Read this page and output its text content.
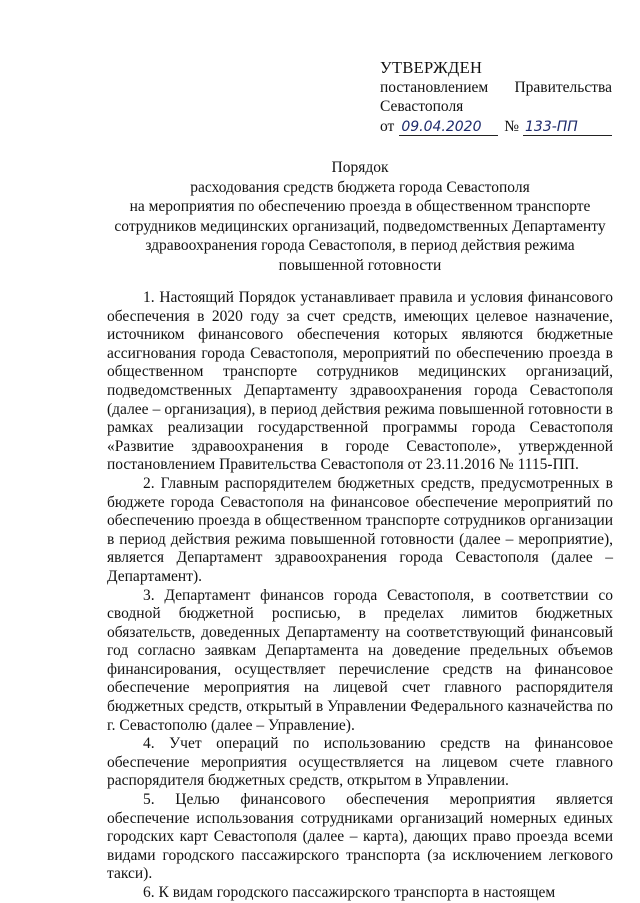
УТВЕРЖДЕН
постановлением Правительства
Севастополя
от 09.04.2020	№ 133-ПП
Порядок
расходования средств бюджета города Севастополя
на мероприятия по обеспечению проезда в общественном транспорте
сотрудников медицинских организаций, подведомственных Департаменту
здравоохранения города Севастополя, в период действия режима
повышенной готовности

1. Настоящий Порядок устанавливает правила и условия финансового обеспечения в 2020 году за счет средств, имеющих целевое назначение, источником финансового обеспечения которых являются бюджетные ассигнования города Севастополя, мероприятий по обеспечению проезда в общественном транспорте сотрудников медицинских организаций, подведомственных Департаменту здравоохранения города Севастополя (далее – организация), в период действия режима повышенной готовности в рамках реализации государственной программы города Севастополя «Развитие здравоохранения в городе Севастополе», утвержденной постановлением Правительства Севастополя от 23.11.2016 № 1115-ПП.

2. Главным распорядителем бюджетных средств, предусмотренных в бюджете города Севастополя на финансовое обеспечение мероприятий по обеспечению проезда в общественном транспорте сотрудников организации в период действия режима повышенной готовности (далее – мероприятие), является Департамент здравоохранения города Севастополя (далее – Департамент).

3. Департамент финансов города Севастополя, в соответствии со сводной бюджетной росписью, в пределах лимитов бюджетных обязательств, доведенных Департаменту на соответствующий финансовый год согласно заявкам Департамента на доведение предельных объемов финансирования, осуществляет перечисление средств на финансовое обеспечение мероприятия на лицевой счет главного распорядителя бюджетных средств, открытый в Управлении Федерального казначейства по г. Севастополю (далее – Управление).

4. Учет операций по использованию средств на финансовое обеспечение мероприятия осуществляется на лицевом счете главного распорядителя бюджетных средств, открытом в Управлении.

5. Целью финансового обеспечения мероприятия является обеспечение использования сотрудниками организаций номерных единых городских карт Севастополя (далее – карта), дающих право проезда всеми видами городского пассажирского транспорта (за исключением легкового такси).

6. К видам городского пассажирского транспорта в настоящем
